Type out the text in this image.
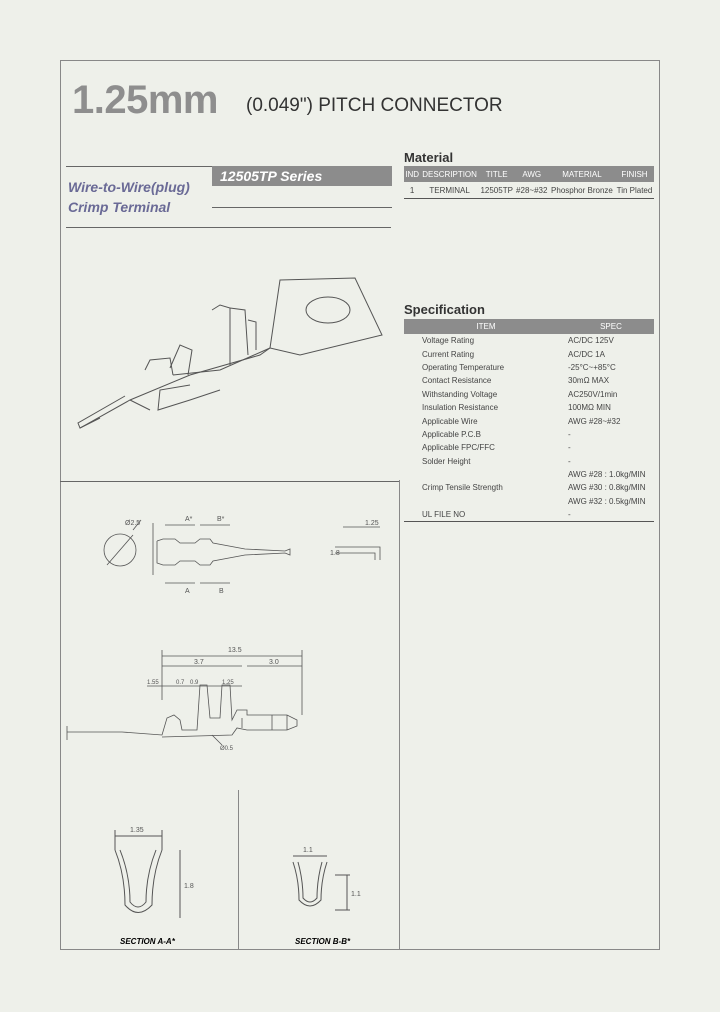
1.25mm (0.049") PITCH CONNECTOR
Wire-to-Wire(plug)
Crimp Terminal
12505TP Series
Material
IND	DESCRIPTION	TITLE	AWG	MATERIAL	FINISH
1	TERMINAL	12505TP	#28~#32	Phosphor Bronze	Tin Plated
Specification
ITEM	SPEC
Voltage Rating	AC/DC 125V
Current Rating	AC/DC 1A
Operating Temperature	-25°C~+85°C
Contact Resistance	30mΩ MAX
Withstanding Voltage	AC250V/1min
Insulation Resistance	100MΩ MIN
Applicable Wire	AWG #28~#32
Applicable P.C.B	-
Applicable FPC/FFC	-
Solder Height	-
	AWG #28 : 1.0kg/MIN
Crimp Tensile Strength	AWG #30 : 0.8kg/MIN
	AWG #32 : 0.5kg/MIN
UL FILE NO	-
Ø2.5
A*	B*
A	B
1.25
1.8
13.5
3.7	3.0
1.55	0.7 0.9	1.25
Ø0.5
1.35
1.8
SECTION A-A*
1.1
1.1
SECTION B-B*
